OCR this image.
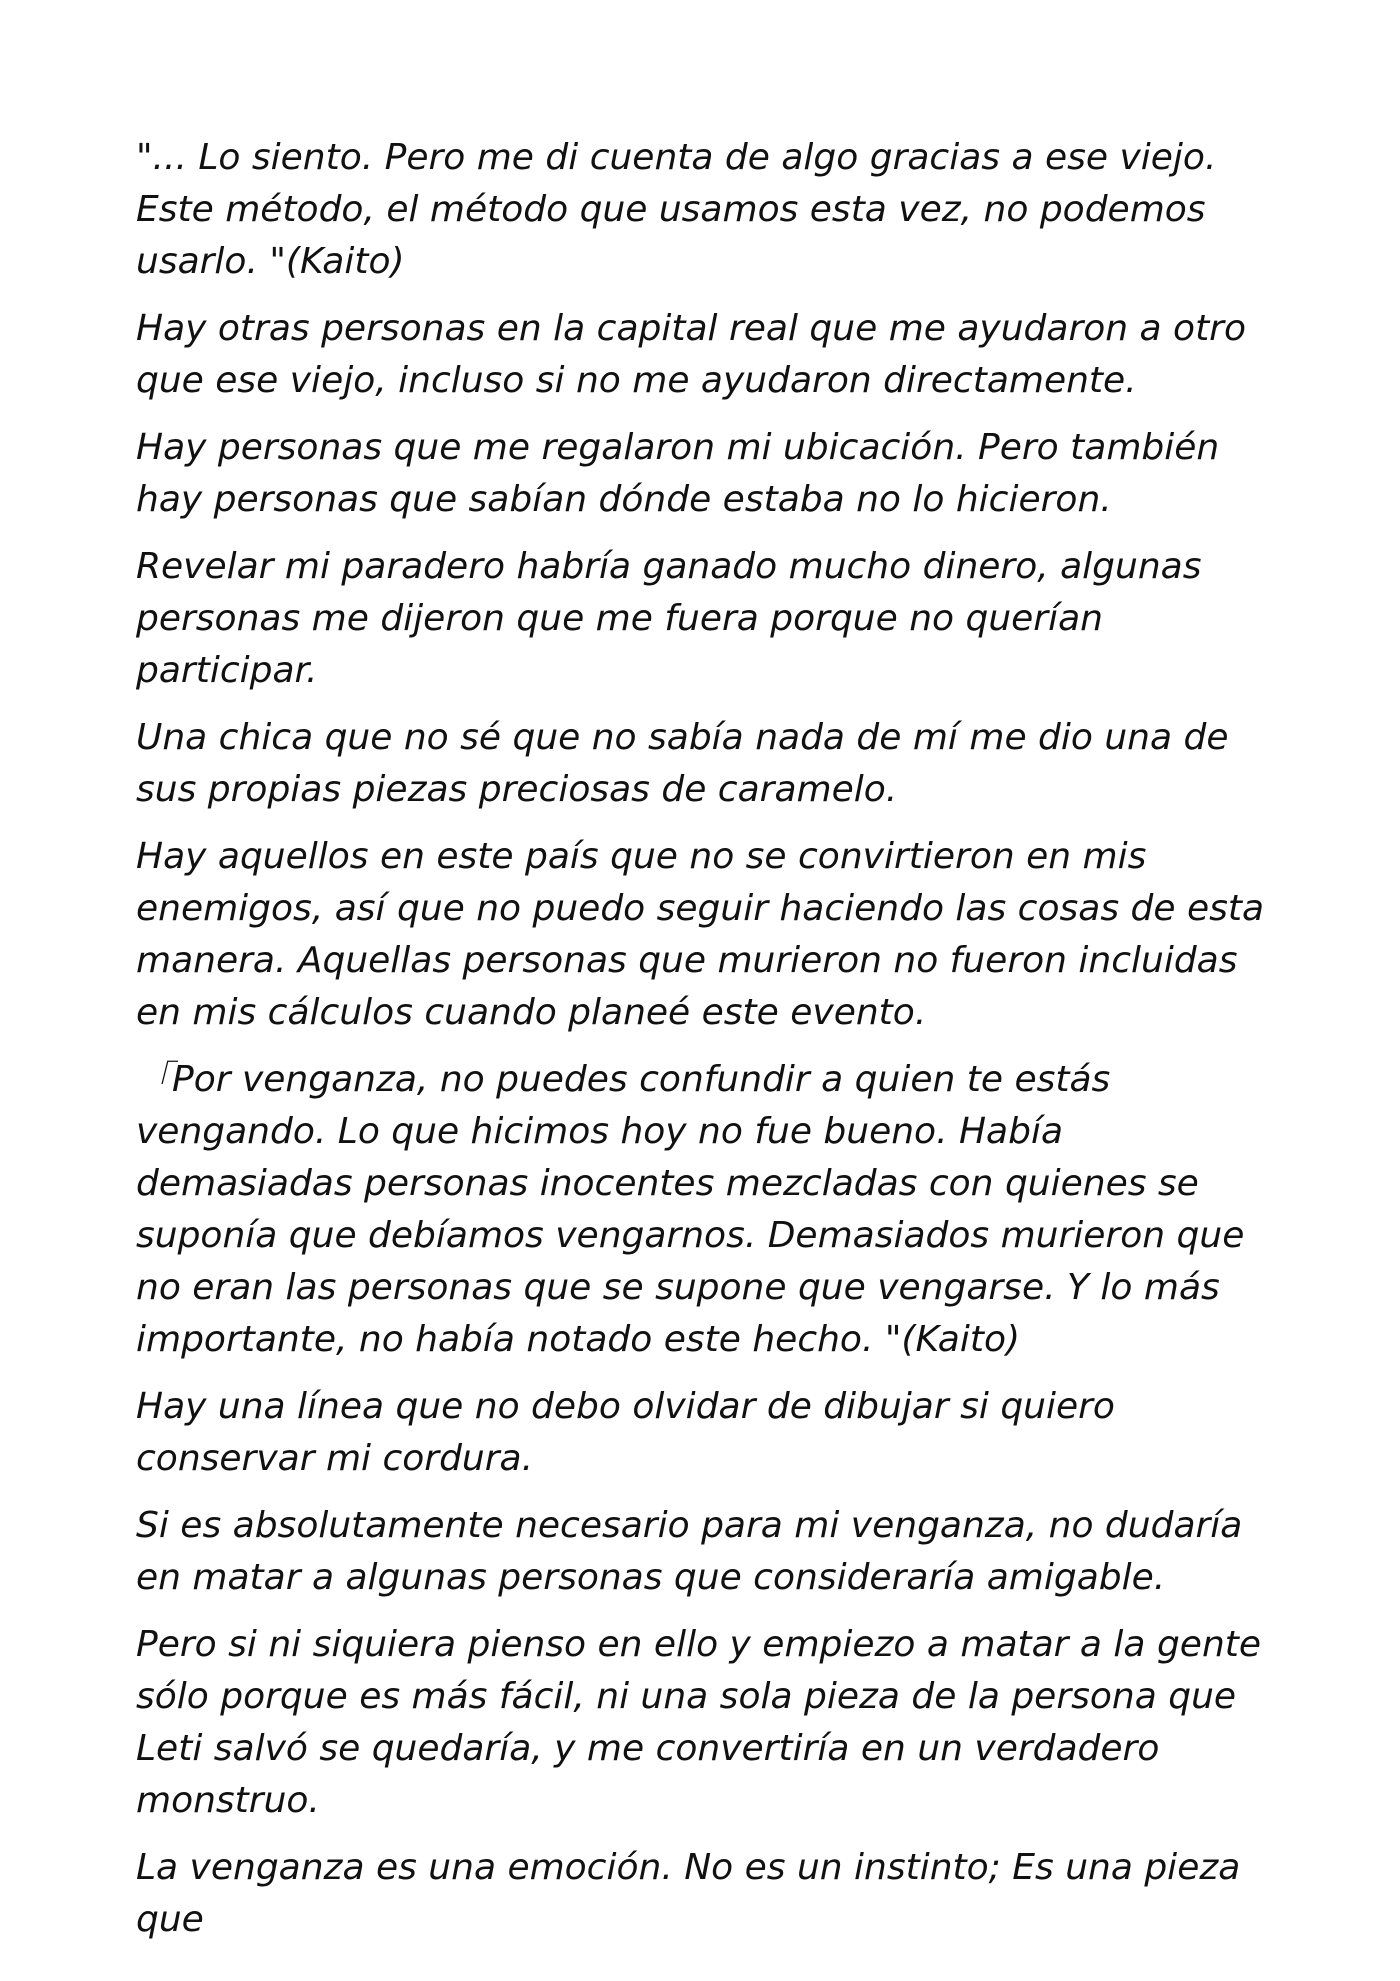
"... Lo siento. Pero me di cuenta de algo gracias a ese viejo. Este método, el método que usamos esta vez, no podemos usarlo. "(Kaito)

Hay otras personas en la capital real que me ayudaron a otro que ese viejo, incluso si no me ayudaron directamente.

Hay personas que me regalaron mi ubicación. Pero también hay personas que sabían dónde estaba no lo hicieron.

Revelar mi paradero habría ganado mucho dinero, algunas personas me dijeron que me fuera porque no querían participar.

Una chica que no sé que no sabía nada de mí me dio una de sus propias piezas preciosas de caramelo.

Hay aquellos en este país que no se convirtieron en mis enemigos, así que no puedo seguir haciendo las cosas de esta manera. Aquellas personas que murieron no fueron incluidas en mis cálculos cuando planeé este evento.

「Por venganza, no puedes confundir a quien te estás vengando. Lo que hicimos hoy no fue bueno. Había demasiadas personas inocentes mezcladas con quienes se suponía que debíamos vengarnos. Demasiados murieron que no eran las personas que se supone que vengarse. Y lo más importante, no había notado este hecho. "(Kaito)

Hay una línea que no debo olvidar de dibujar si quiero conservar mi cordura.

Si es absolutamente necesario para mi venganza, no dudaría en matar a algunas personas que consideraría amigable.

Pero si ni siquiera pienso en ello y empiezo a matar a la gente sólo porque es más fácil, ni una sola pieza de la persona que Leti salvó se quedaría, y me convertiría en un verdadero monstruo.

La venganza es una emoción. No es un instinto; Es una pieza que
